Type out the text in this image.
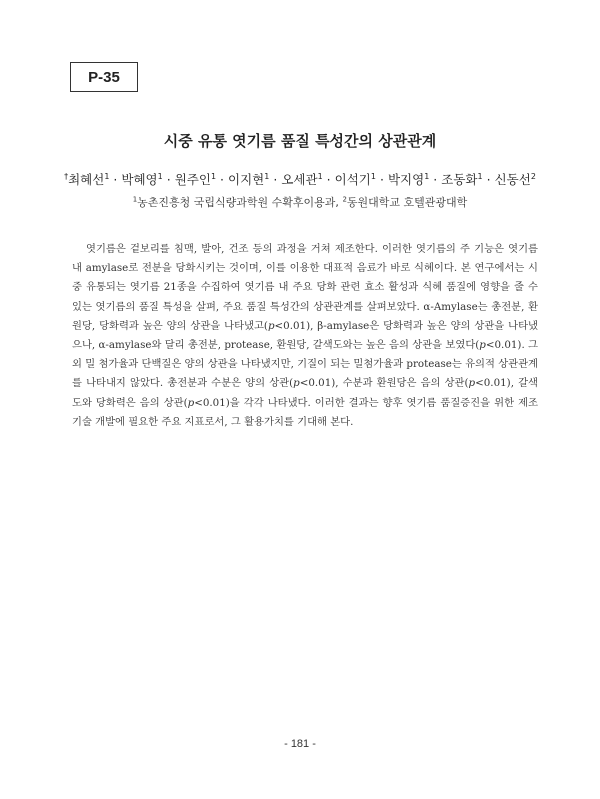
P-35
시중 유통 엿기름 품질 특성간의 상관관계
†최혜선$^1$ · 박혜영$^1$ · 원주인$^1$ · 이지현$^1$ · 오세관$^1$ · 이석기$^1$ · 박지영$^1$ · 조동화$^1$ · 신동선$^2$
$^1$농촌진흥청 국립식량과학원 수확후이용과, $^2$동원대학교 호텔관광대학

엿기름은 겉보리를 침맥, 발아, 건조 등의 과정을 거쳐 제조한다. 이러한 엿기름의 주 기능은 엿기름 내 amylase로 전분을 당화시키는 것이며, 이를 이용한 대표적 음료가 바로 식혜이다. 본 연구에서는 시중 유통되는 엿기름 21종을 수집하여 엿기름 내 주요 당화 관련 효소 활성과 식혜 품질에 영향을 줄 수 있는 엿기름의 품질 특성을 살펴, 주요 품질 특성간의 상관관계를 살펴보았다. α-Amylase는 총전분, 환원당, 당화력과 높은 양의 상관을 나타냈고(p<0.01), β-amylase은 당화력과 높은 양의 상관을 나타냈으나, α-amylase와 달리 총전분, protease, 환원당, 갈색도와는 높은 음의 상관을 보였다(p<0.01). 그 외 밀 첨가율과 단백질은 양의 상관을 나타냈지만, 기질이 되는 밀첨가율과 protease는 유의적 상관관계를 나타내지 않았다. 총전분과 수분은 양의 상관(p<0.01), 수분과 환원당은 음의 상관(p<0.01), 갈색도와 당화력은 음의 상관(p<0.01)을 각각 나타냈다. 이러한 결과는 향후 엿기름 품질증진을 위한 제조기술 개발에 필요한 주요 지표로서, 그 활용가치를 기대해 본다.

- 181 -
